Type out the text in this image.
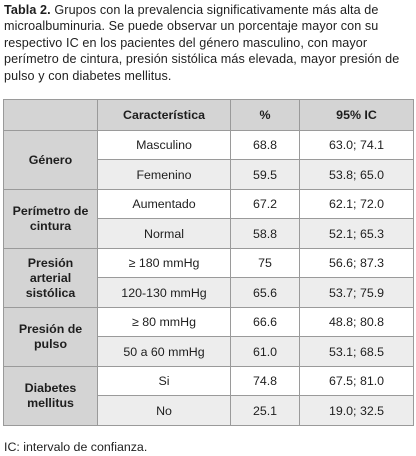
Tabla 2. Grupos con la prevalencia significativamente más alta de microalbuminuria. Se puede observar un porcentaje mayor con su respectivo IC en los pacientes del género masculino, con mayor perímetro de cintura, presión sistólica más elevada, mayor presión de pulso y con diabetes mellitus.
	Característica	%	95% IC
Género	Masculino	68.8	63.0; 74.1
	Femenino	59.5	53.8; 65.0
Perímetro de cintura	Aumentado	67.2	62.1; 72.0
	Normal	58.8	52.1; 65.3
Presión arterial sistólica	≥ 180 mmHg	75	56.6; 87.3
	120-130 mmHg	65.6	53.7; 75.9
Presión de pulso	≥ 80 mmHg	66.6	48.8; 80.8
	50 a 60 mmHg	61.0	53.1; 68.5
Diabetes mellitus	Si	74.8	67.5; 81.0
	No	25.1	19.0; 32.5
IC: intervalo de confianza.
